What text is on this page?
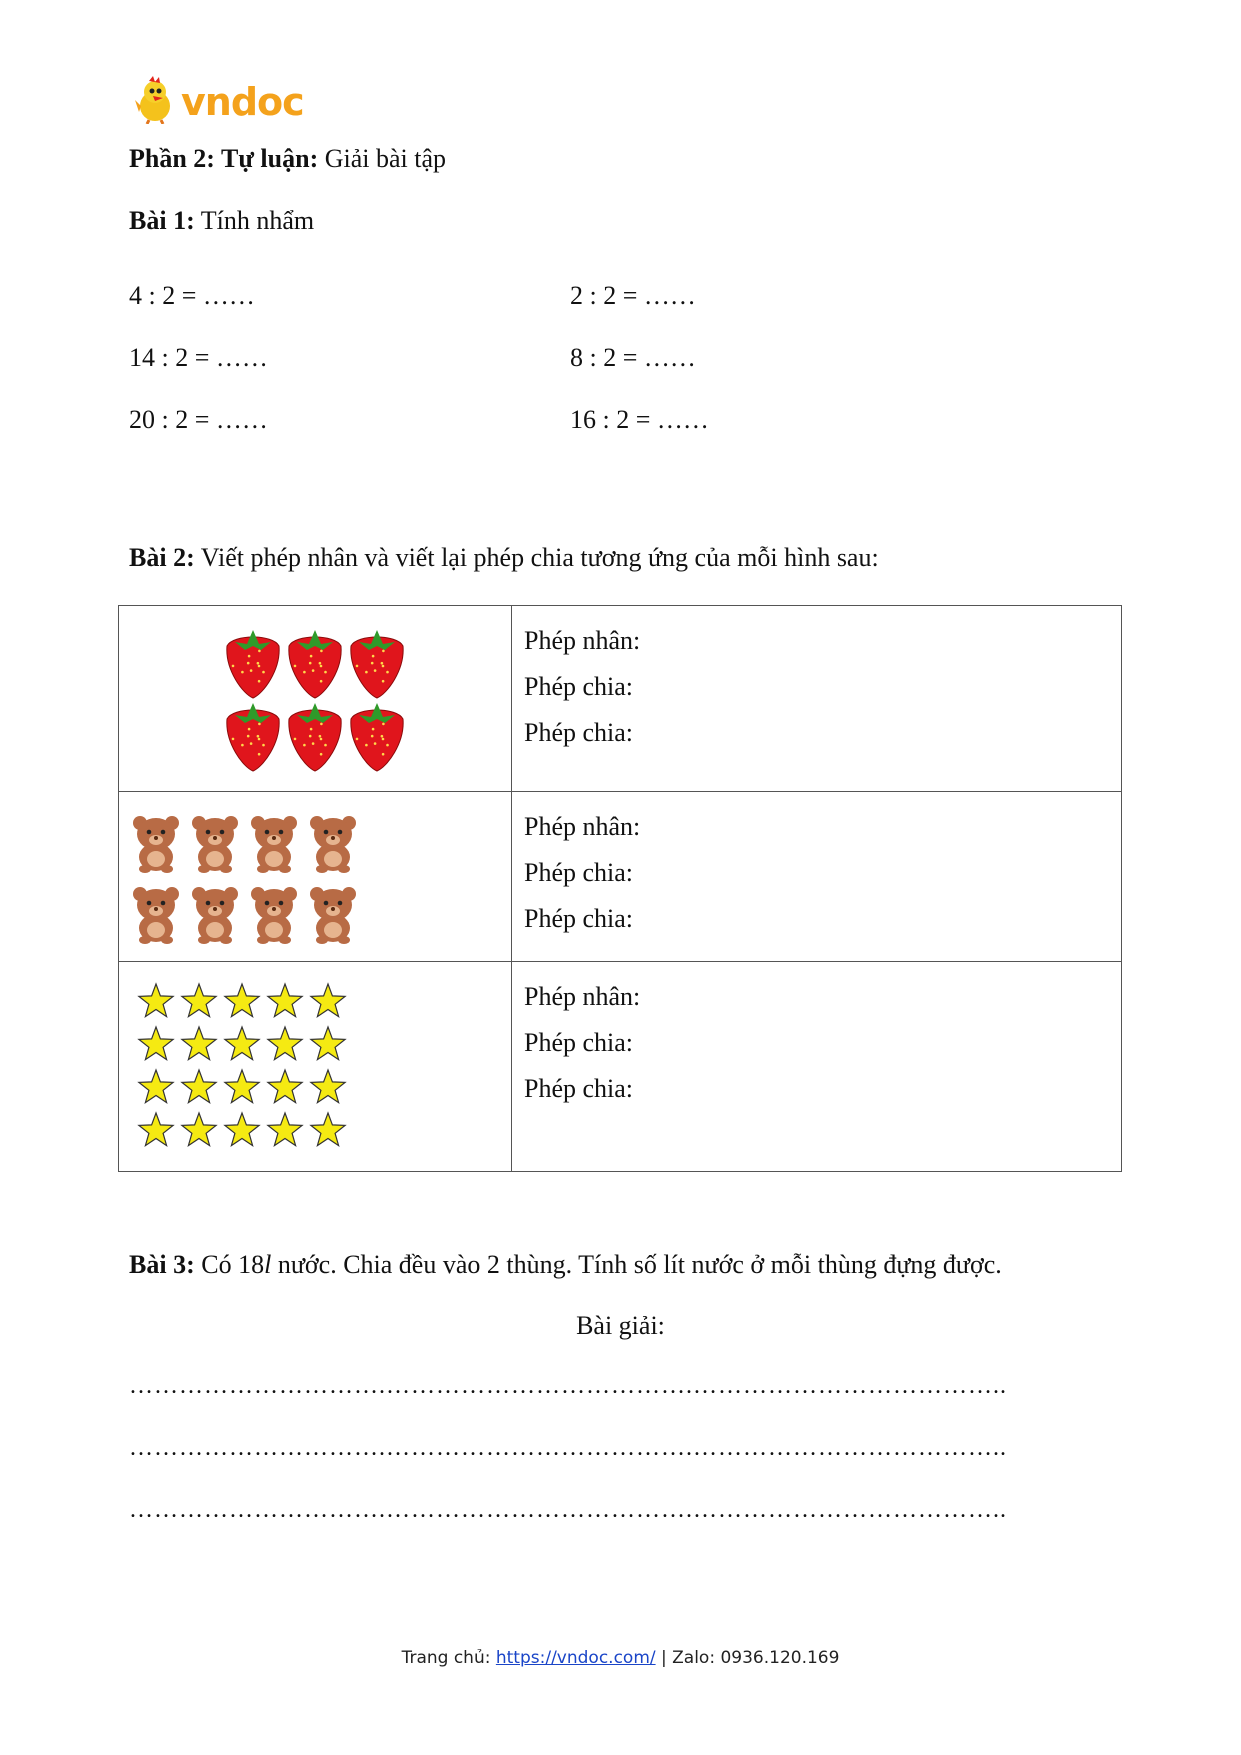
vndoc
Phần 2: Tự luận: Giải bài tập
Bài 1: Tính nhẩm
4 : 2 = ……	2 : 2 = ……
14 : 2 = ……	8 : 2 = ……
20 : 2 = ……	16 : 2 = ……
Bài 2: Viết phép nhân và viết lại phép chia tương ứng của mỗi hình sau:

Phép nhân:
Phép chia:
Phép chia:

Phép nhân:
Phép chia:
Phép chia:

Phép nhân:
Phép chia:
Phép chia:
Bài 3: Có 18l nước. Chia đều vào 2 thùng. Tính số lít nước ở mỗi thùng đựng được.
Bài giải:
………………………….……………………………….………………………………..
………………………….……………………………….………………………………..
………………………….……………………………….………………………………..
Trang chủ: https://vndoc.com/ | Zalo: 0936.120.169
